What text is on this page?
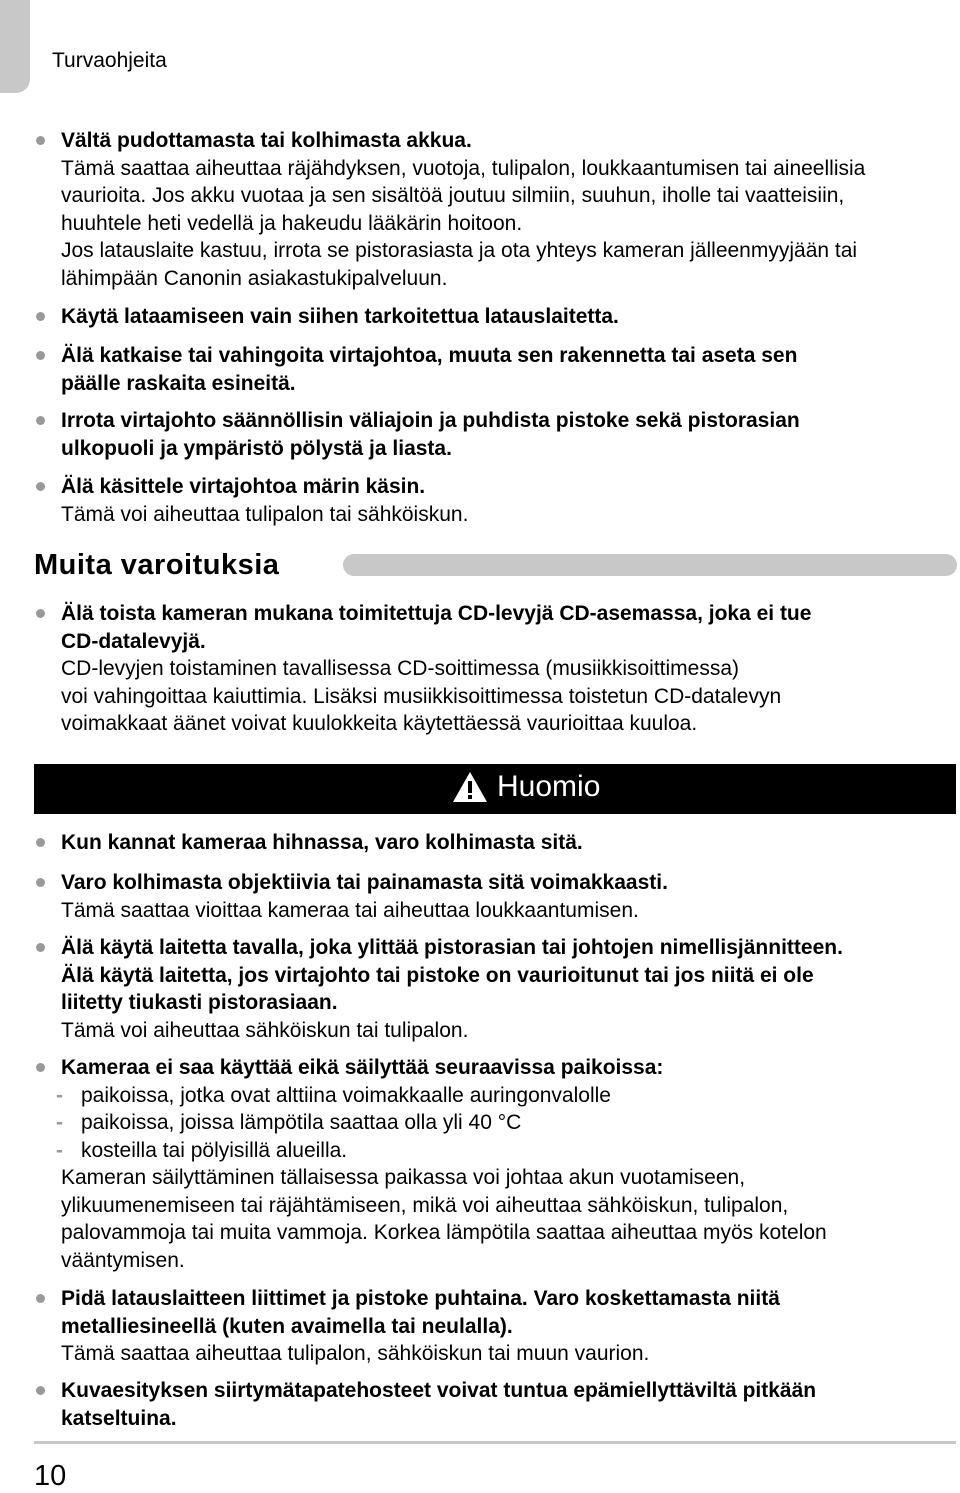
Turvaohjeita
Vältä pudottamasta tai kolhimasta akkua.
Tämä saattaa aiheuttaa räjähdyksen, vuotoja, tulipalon, loukkaantumisen tai aineellisia
vaurioita. Jos akku vuotaa ja sen sisältöä joutuu silmiin, suuhun, iholle tai vaatteisiin,
huuhtele heti vedellä ja hakeudu lääkärin hoitoon.
Jos latauslaite kastuu, irrota se pistorasiasta ja ota yhteys kameran jälleenmyyjään tai
lähimpään Canonin asiakastukipalveluun.
Käytä lataamiseen vain siihen tarkoitettua latauslaitetta.
Älä katkaise tai vahingoita virtajohtoa, muuta sen rakennetta tai aseta sen
päälle raskaita esineitä.
Irrota virtajohto säännöllisin väliajoin ja puhdista pistoke sekä pistorasian
ulkopuoli ja ympäristö pölystä ja liasta.
Älä käsittele virtajohtoa märin käsin.
Tämä voi aiheuttaa tulipalon tai sähköiskun.
Muita varoituksia
Älä toista kameran mukana toimitettuja CD-levyjä CD-asemassa, joka ei tue
CD-datalevyjä.
CD-levyjen toistaminen tavallisessa CD-soittimessa (musiikkisoittimessa)
voi vahingoittaa kaiuttimia. Lisäksi musiikkisoittimessa toistetun CD-datalevyn
voimakkaat äänet voivat kuulokkeita käytettäessä vaurioittaa kuuloa.
Huomio
Kun kannat kameraa hihnassa, varo kolhimasta sitä.
Varo kolhimasta objektiivia tai painamasta sitä voimakkaasti.
Tämä saattaa vioittaa kameraa tai aiheuttaa loukkaantumisen.
Älä käytä laitetta tavalla, joka ylittää pistorasian tai johtojen nimellisjännitteen.
Älä käytä laitetta, jos virtajohto tai pistoke on vaurioitunut tai jos niitä ei ole
liitetty tiukasti pistorasiaan.
Tämä voi aiheuttaa sähköiskun tai tulipalon.
Kameraa ei saa käyttää eikä säilyttää seuraavissa paikoissa:
- paikoissa, jotka ovat alttiina voimakkaalle auringonvalolle
- paikoissa, joissa lämpötila saattaa olla yli 40 °C
- kosteilla tai pölyisillä alueilla.
Kameran säilyttäminen tällaisessa paikassa voi johtaa akun vuotamiseen,
ylikuumenemiseen tai räjähtämiseen, mikä voi aiheuttaa sähköiskun, tulipalon,
palovammoja tai muita vammoja. Korkea lämpötila saattaa aiheuttaa myös kotelon
vääntymisen.
Pidä latauslaitteen liittimet ja pistoke puhtaina. Varo koskettamasta niitä
metalliesineellä (kuten avaimella tai neulalla).
Tämä saattaa aiheuttaa tulipalon, sähköiskun tai muun vaurion.
Kuvaesityksen siirtymätapatehosteet voivat tuntua epämiellyttäviltä pitkään
katseltuina.
10
